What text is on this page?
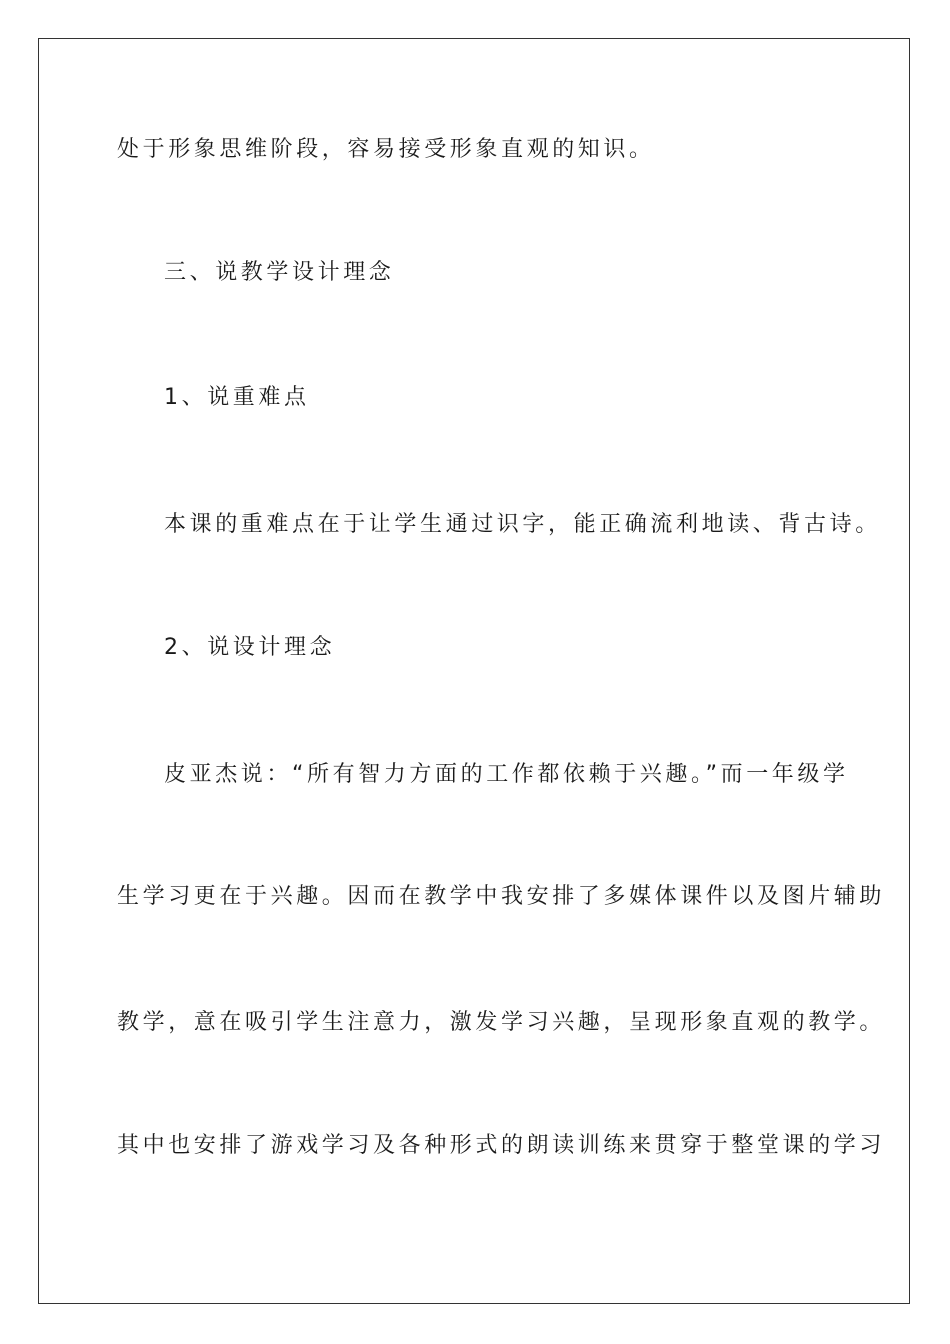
处于形象思维阶段，容易接受形象直观的知识。
三、说教学设计理念
1、说重难点
本课的重难点在于让学生通过识字，能正确流利地读、背古诗。
2、说设计理念
皮亚杰说：“所有智力方面的工作都依赖于兴趣。”而一年级学
生学习更在于兴趣。因而在教学中我安排了多媒体课件以及图片辅助
教学，意在吸引学生注意力，激发学习兴趣，呈现形象直观的教学。
其中也安排了游戏学习及各种形式的朗读训练来贯穿于整堂课的学习
